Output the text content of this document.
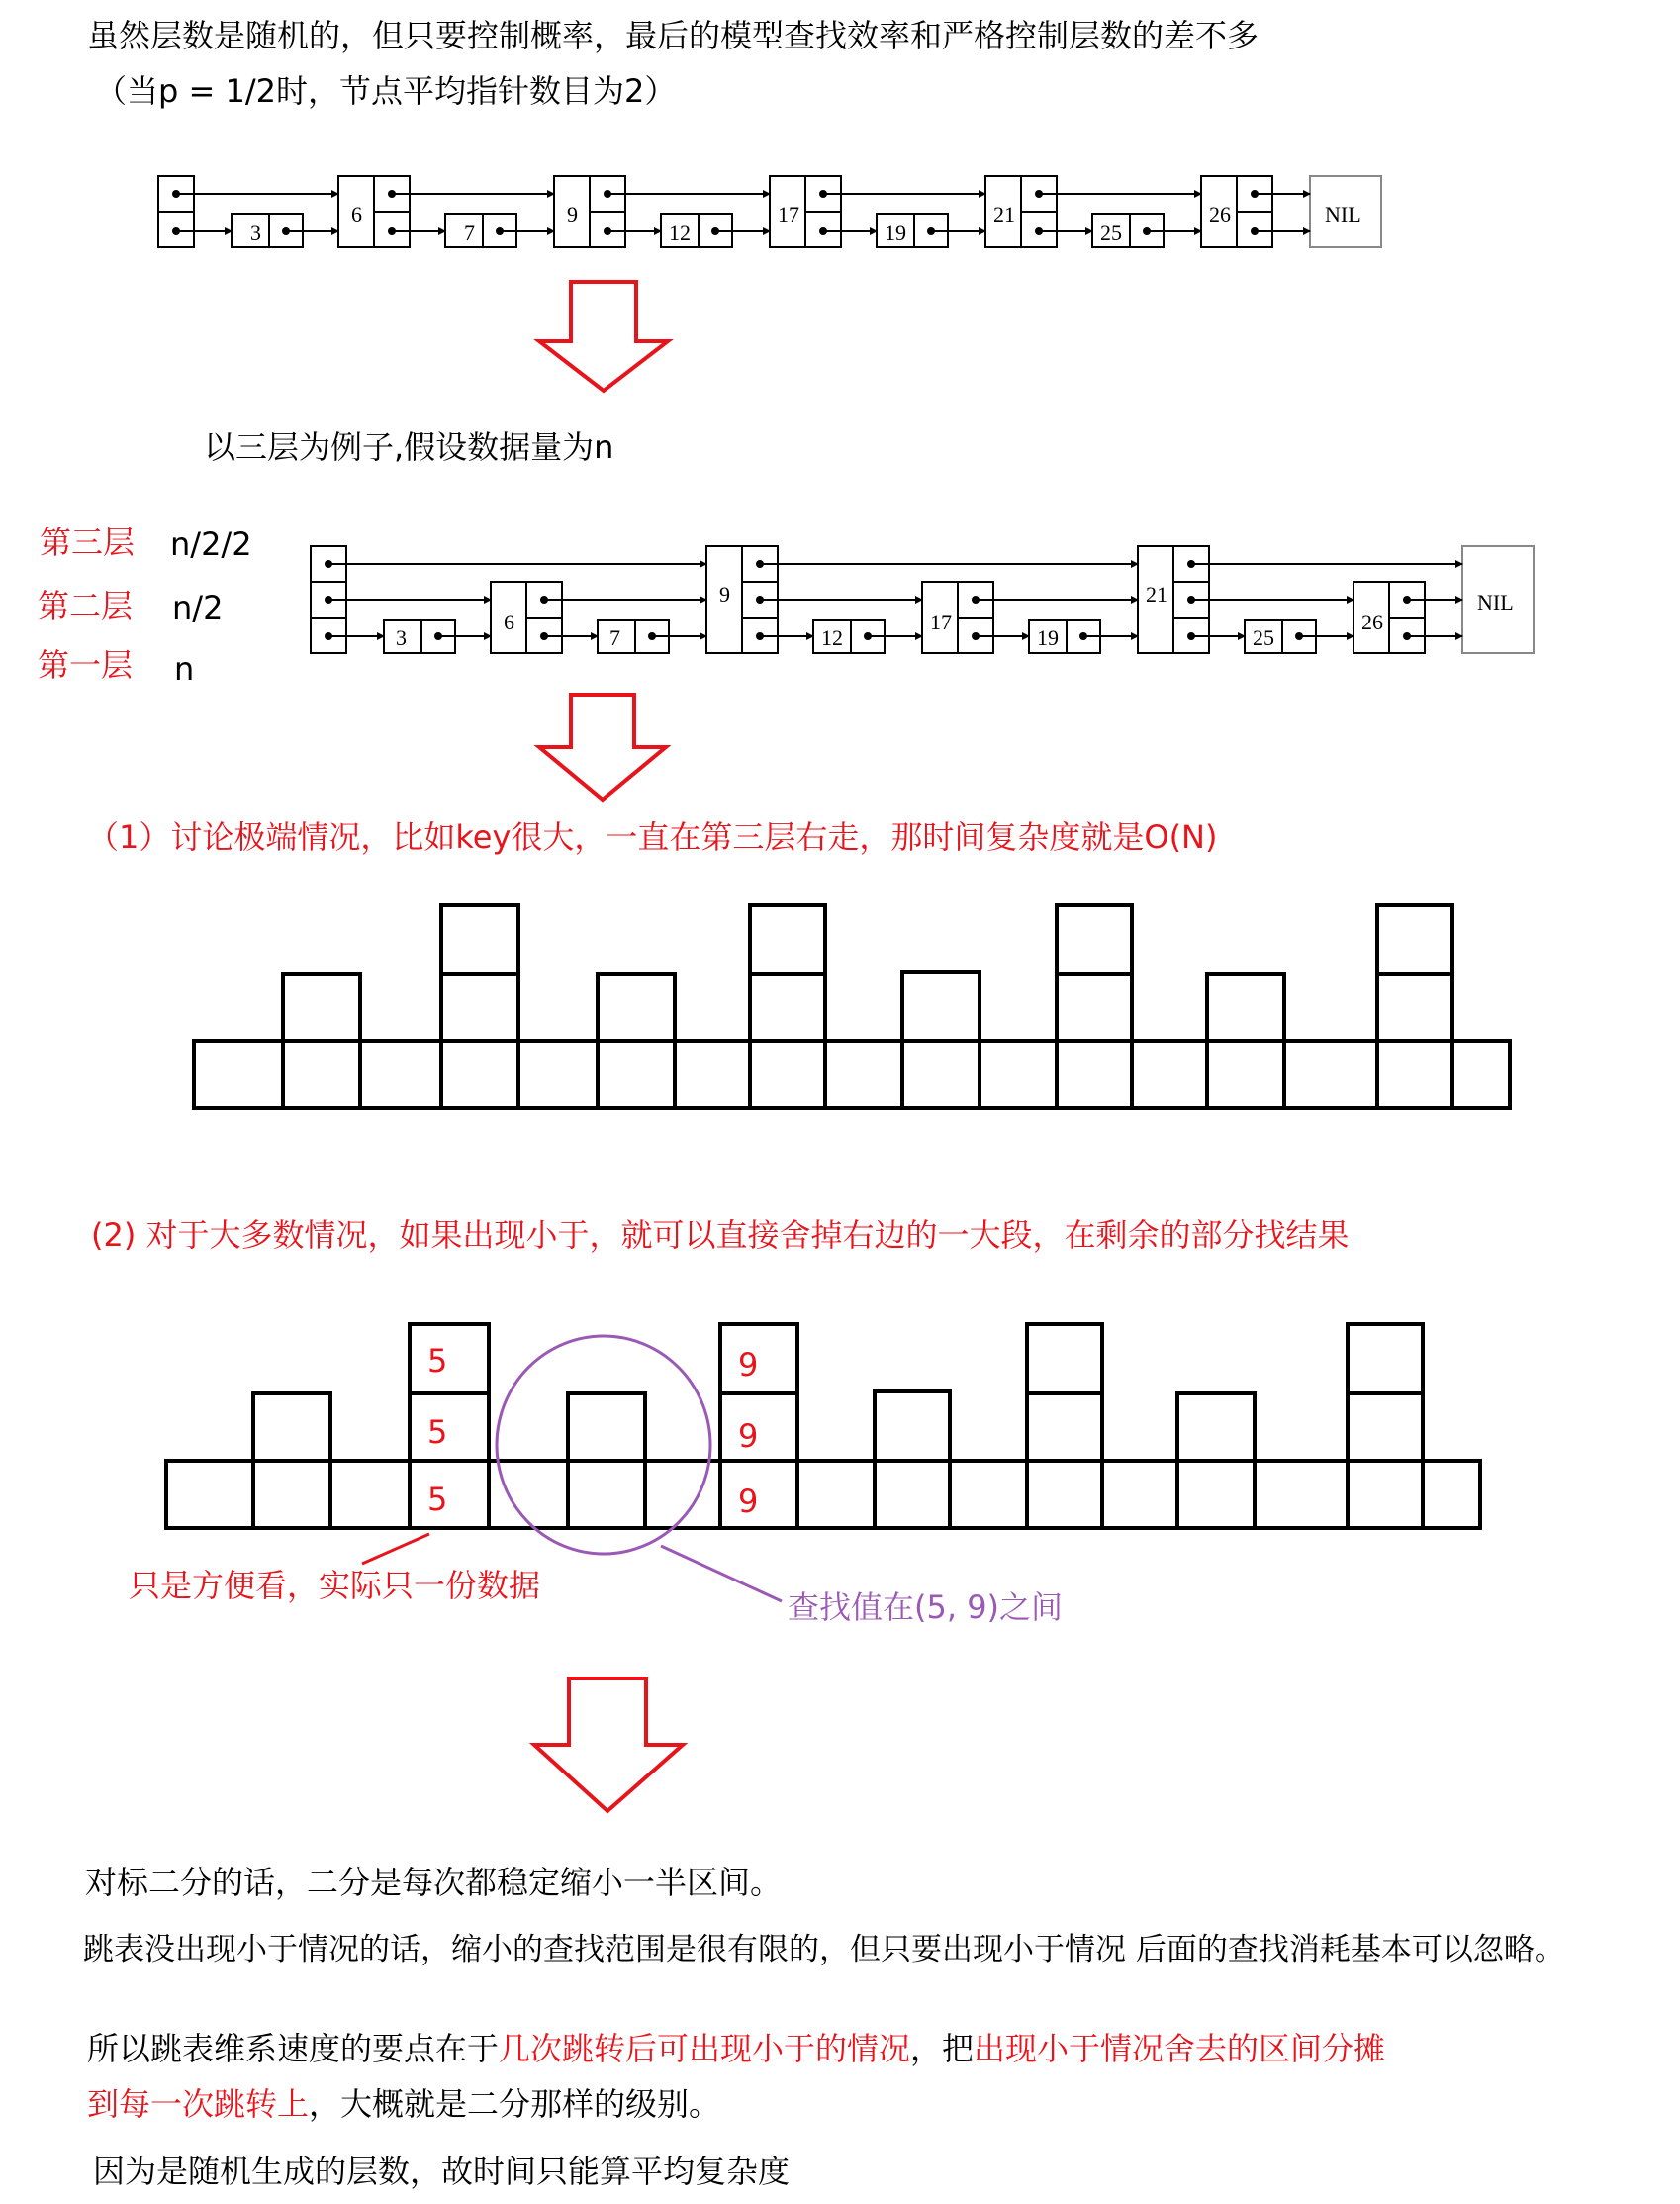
虽然层数是随机的，但只要控制概率，最后的模型查找效率和严格控制层数的差不多
（当p = 1/2时，节点平均指针数目为2）
以三层为例子,假设数据量为n
第三层 n/2/2
第二层 n/2
第一层 n
（1）讨论极端情况，比如key很大，一直在第三层右走，那时间复杂度就是O(N)
(2) 对于大多数情况，如果出现小于，就可以直接舍掉右边的一大段，在剩余的部分找结果
只是方便看，实际只一份数据
查找值在(5, 9)之间
对标二分的话，二分是每次都稳定缩小一半区间。
跳表没出现小于情况的话，缩小的查找范围是很有限的，但只要出现小于情况 后面的查找消耗基本可以忽略。
所以跳表维系速度的要点在于几次跳转后可出现小于的情况，把出现小于情况舍去的区间分摊
到每一次跳转上，大概就是二分那样的级别。
因为是随机生成的层数，故时间只能算平均复杂度
3
6
7
9
12
17
19
21
25
26	NIL
3
6
7
9
12
17
19
21
25
26
NIL
5
5
5
9
9
9
